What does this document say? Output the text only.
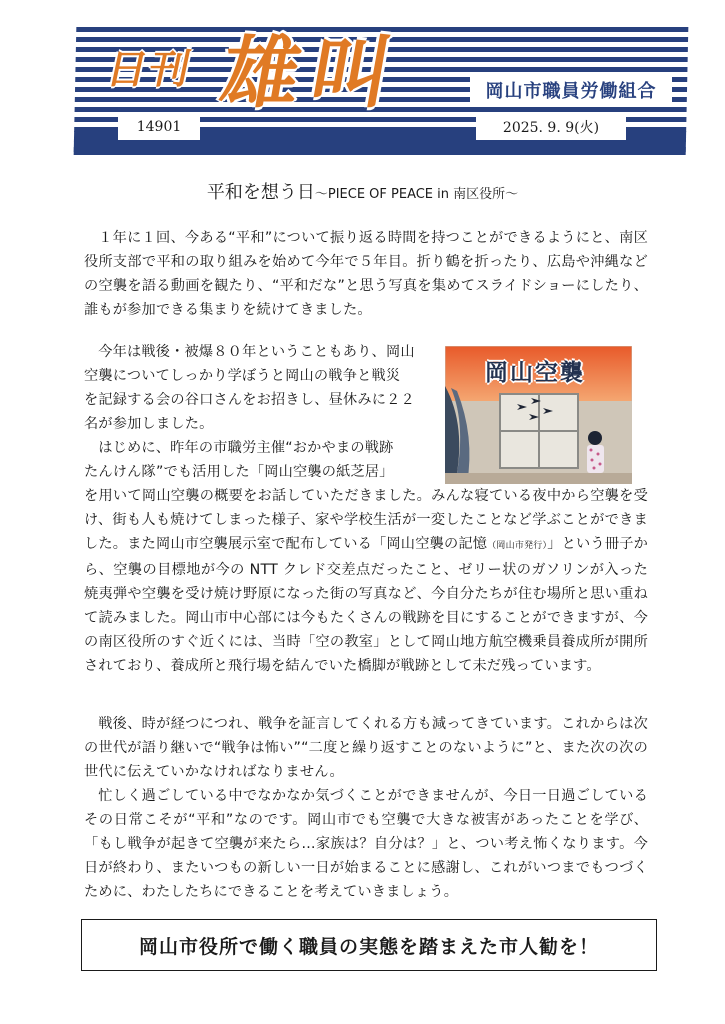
日刊 雄叫	岡山市職員労働組合
14901	2025. 9. 9(火)
平和を想う日～PIECE OF PEACE in 南区役所～

１年に１回、今ある“平和”について振り返る時間を持つことができるようにと、南区役所支部で平和の取り組みを始めて今年で５年目。折り鶴を折ったり、広島や沖縄などの空襲を語る動画を観たり、“平和だな”と思う写真を集めてスライドショーにしたり、誰もが参加できる集まりを続けてきました。

今年は戦後・被爆８０年ということもあり、岡山
空襲についてしっかり学ぼうと岡山の戦争と戦災
を記録する会の谷口さんをお招きし、昼休みに２２
名が参加しました。
はじめに、昨年の市職労主催“おかやまの戦跡
たんけん隊”でも活用した「岡山空襲の紙芝居」

を用いて岡山空襲の概要をお話していただきました。みんな寝ている夜中から空襲を受け、街も人も焼けてしまった様子、家や学校生活が一変したことなど学ぶことができました。また岡山市空襲展示室で配布している「岡山空襲の記憶（岡山市発行）」という冊子から、空襲の目標地が今の NTT クレド交差点だったこと、ゼリー状のガソリンが入った焼夷弾や空襲を受け焼け野原になった街の写真など、今自分たちが住む場所と思い重ねて読みました。岡山市中心部には今もたくさんの戦跡を目にすることができますが、今の南区役所のすぐ近くには、当時「空の教室」として岡山地方航空機乗員養成所が開所されており、養成所と飛行場を結んでいた橋脚が戦跡として未だ残っています。

戦後、時が経つにつれ、戦争を証言してくれる方も減ってきています。これからは次の世代が語り継いで“戦争は怖い”“二度と繰り返すことのないように”と、また次の次の世代に伝えていかなければなりません。

忙しく過ごしている中でなかなか気づくことができませんが、今日一日過ごしているその日常こそが“平和”なのです。岡山市でも空襲で大きな被害があったことを学び、「もし戦争が起きて空襲が来たら…家族は？自分は？」と、つい考え怖くなります。今日が終わり、またいつもの新しい一日が始まることに感謝し、これがいつまでもつづくために、わたしたちにできることを考えていきましょう。

岡山空襲
岡山市役所で働く職員の実態を踏まえた市人勧を！
